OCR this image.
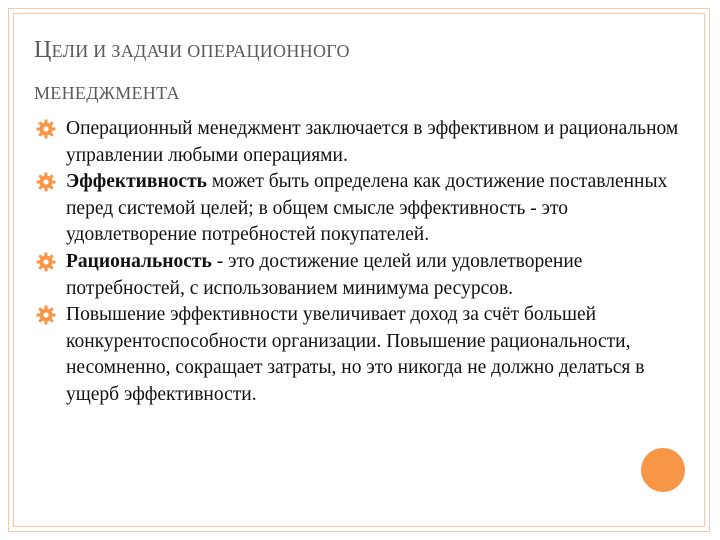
ЦЕЛИ И ЗАДАЧИ ОПЕРАЦИОННОГО
МЕНЕДЖМЕНТА
Операционный менеджмент заключается в эффективном и рациональном управлении любыми операциями.
Эффективность может быть определена как достижение поставленных перед системой целей; в общем смысле эффективность - это удовлетворение потребностей покупателей.
Рациональность - это достижение целей или удовлетворение потребностей, с использованием минимума ресурсов.
Повышение эффективности увеличивает доход за счёт большей конкурентоспособности организации. Повышение рациональности, несомненно, сокращает затраты, но это никогда не должно делаться в ущерб эффективности.
